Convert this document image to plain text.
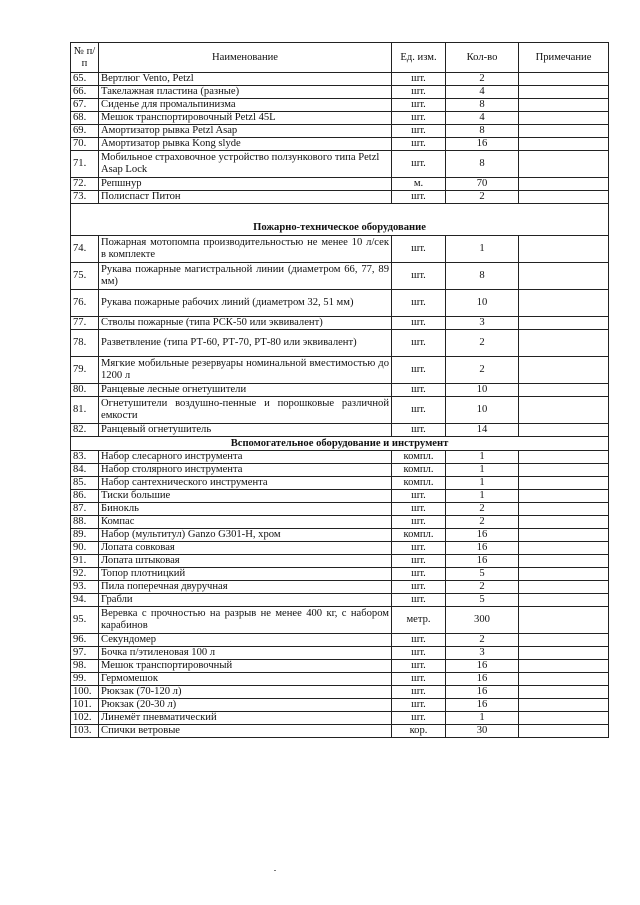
№ п/п	Наименование	Ед. изм.	Кол-во	Примечание
65.	Вертлюг Vento, Petzl	шт.	2	
66.	Такелажная пластина (разные)	шт.	4	
67.	Сиденье для промальпинизма	шт.	8	
68.	Мешок транспортировочный Petzl 45L	шт.	4	
69.	Амортизатор рывка Petzl Asap	шт.	8	
70.	Амортизатор рывка Kong slyde	шт.	16	
71.	Мобильное страховочное устройство ползункового типа Petzl Asap Lock	шт.	8	
72.	Репшнур	м.	70	
73.	Полиспаст Питон	шт.	2	
Пожарно-техническое оборудование				
74.	Пожарная мотопомпа производительностью не менее 10 л/сек в комплекте	шт.	1	
75.	Рукава пожарные магистральной линии (диаметром 66, 77, 89 мм)	шт.	8	
76.	Рукава пожарные рабочих линий (диаметром 32, 51 мм)	шт.	10	
77.	Стволы пожарные (типа РСК-50 или эквивалент)	шт.	3	
78.	Разветвление (типа РТ-60, РТ-70, РТ-80 или эквивалент)	шт.	2	
79.	Мягкие мобильные резервуары номинальной вместимостью до 1200 л	шт.	2	
80.	Ранцевые лесные огнетушители	шт.	10	
81.	Огнетушители воздушно-пенные и порошковые различной емкости	шт.	10	
82.	Ранцевый огнетушитель	шт.	14	
Вспомогательное оборудование и инструмент				
83.	Набор слесарного инструмента	компл.	1	
84.	Набор столярного инструмента	компл.	1	
85.	Набор сантехнического инструмента	компл.	1	
86.	Тиски большие	шт.	1	
87.	Бинокль	шт.	2	
88.	Компас	шт.	2	
89.	Набор (мультитул) Ganzo G301-H, хром	компл.	16	
90.	Лопата совковая	шт.	16	
91.	Лопата штыковая	шт.	16	
92.	Топор плотницкий	шт.	5	
93.	Пила поперечная двуручная	шт.	2	
94.	Грабли	шт.	5	
95.	Веревка с прочностью на разрыв не менее 400 кг, с набором карабинов	метр.	300	
96.	Секундомер	шт.	2	
97.	Бочка п/этиленовая 100 л	шт.	3	
98.	Мешок транспортировочный	шт.	16	
99.	Гермомешок	шт.	16	
100.	Рюкзак (70-120 л)	шт.	16	
101.	Рюкзак (20-30 л)	шт.	16	
102.	Линемёт пневматический	шт.	1	
103.	Спички ветровые	кор.	30	
